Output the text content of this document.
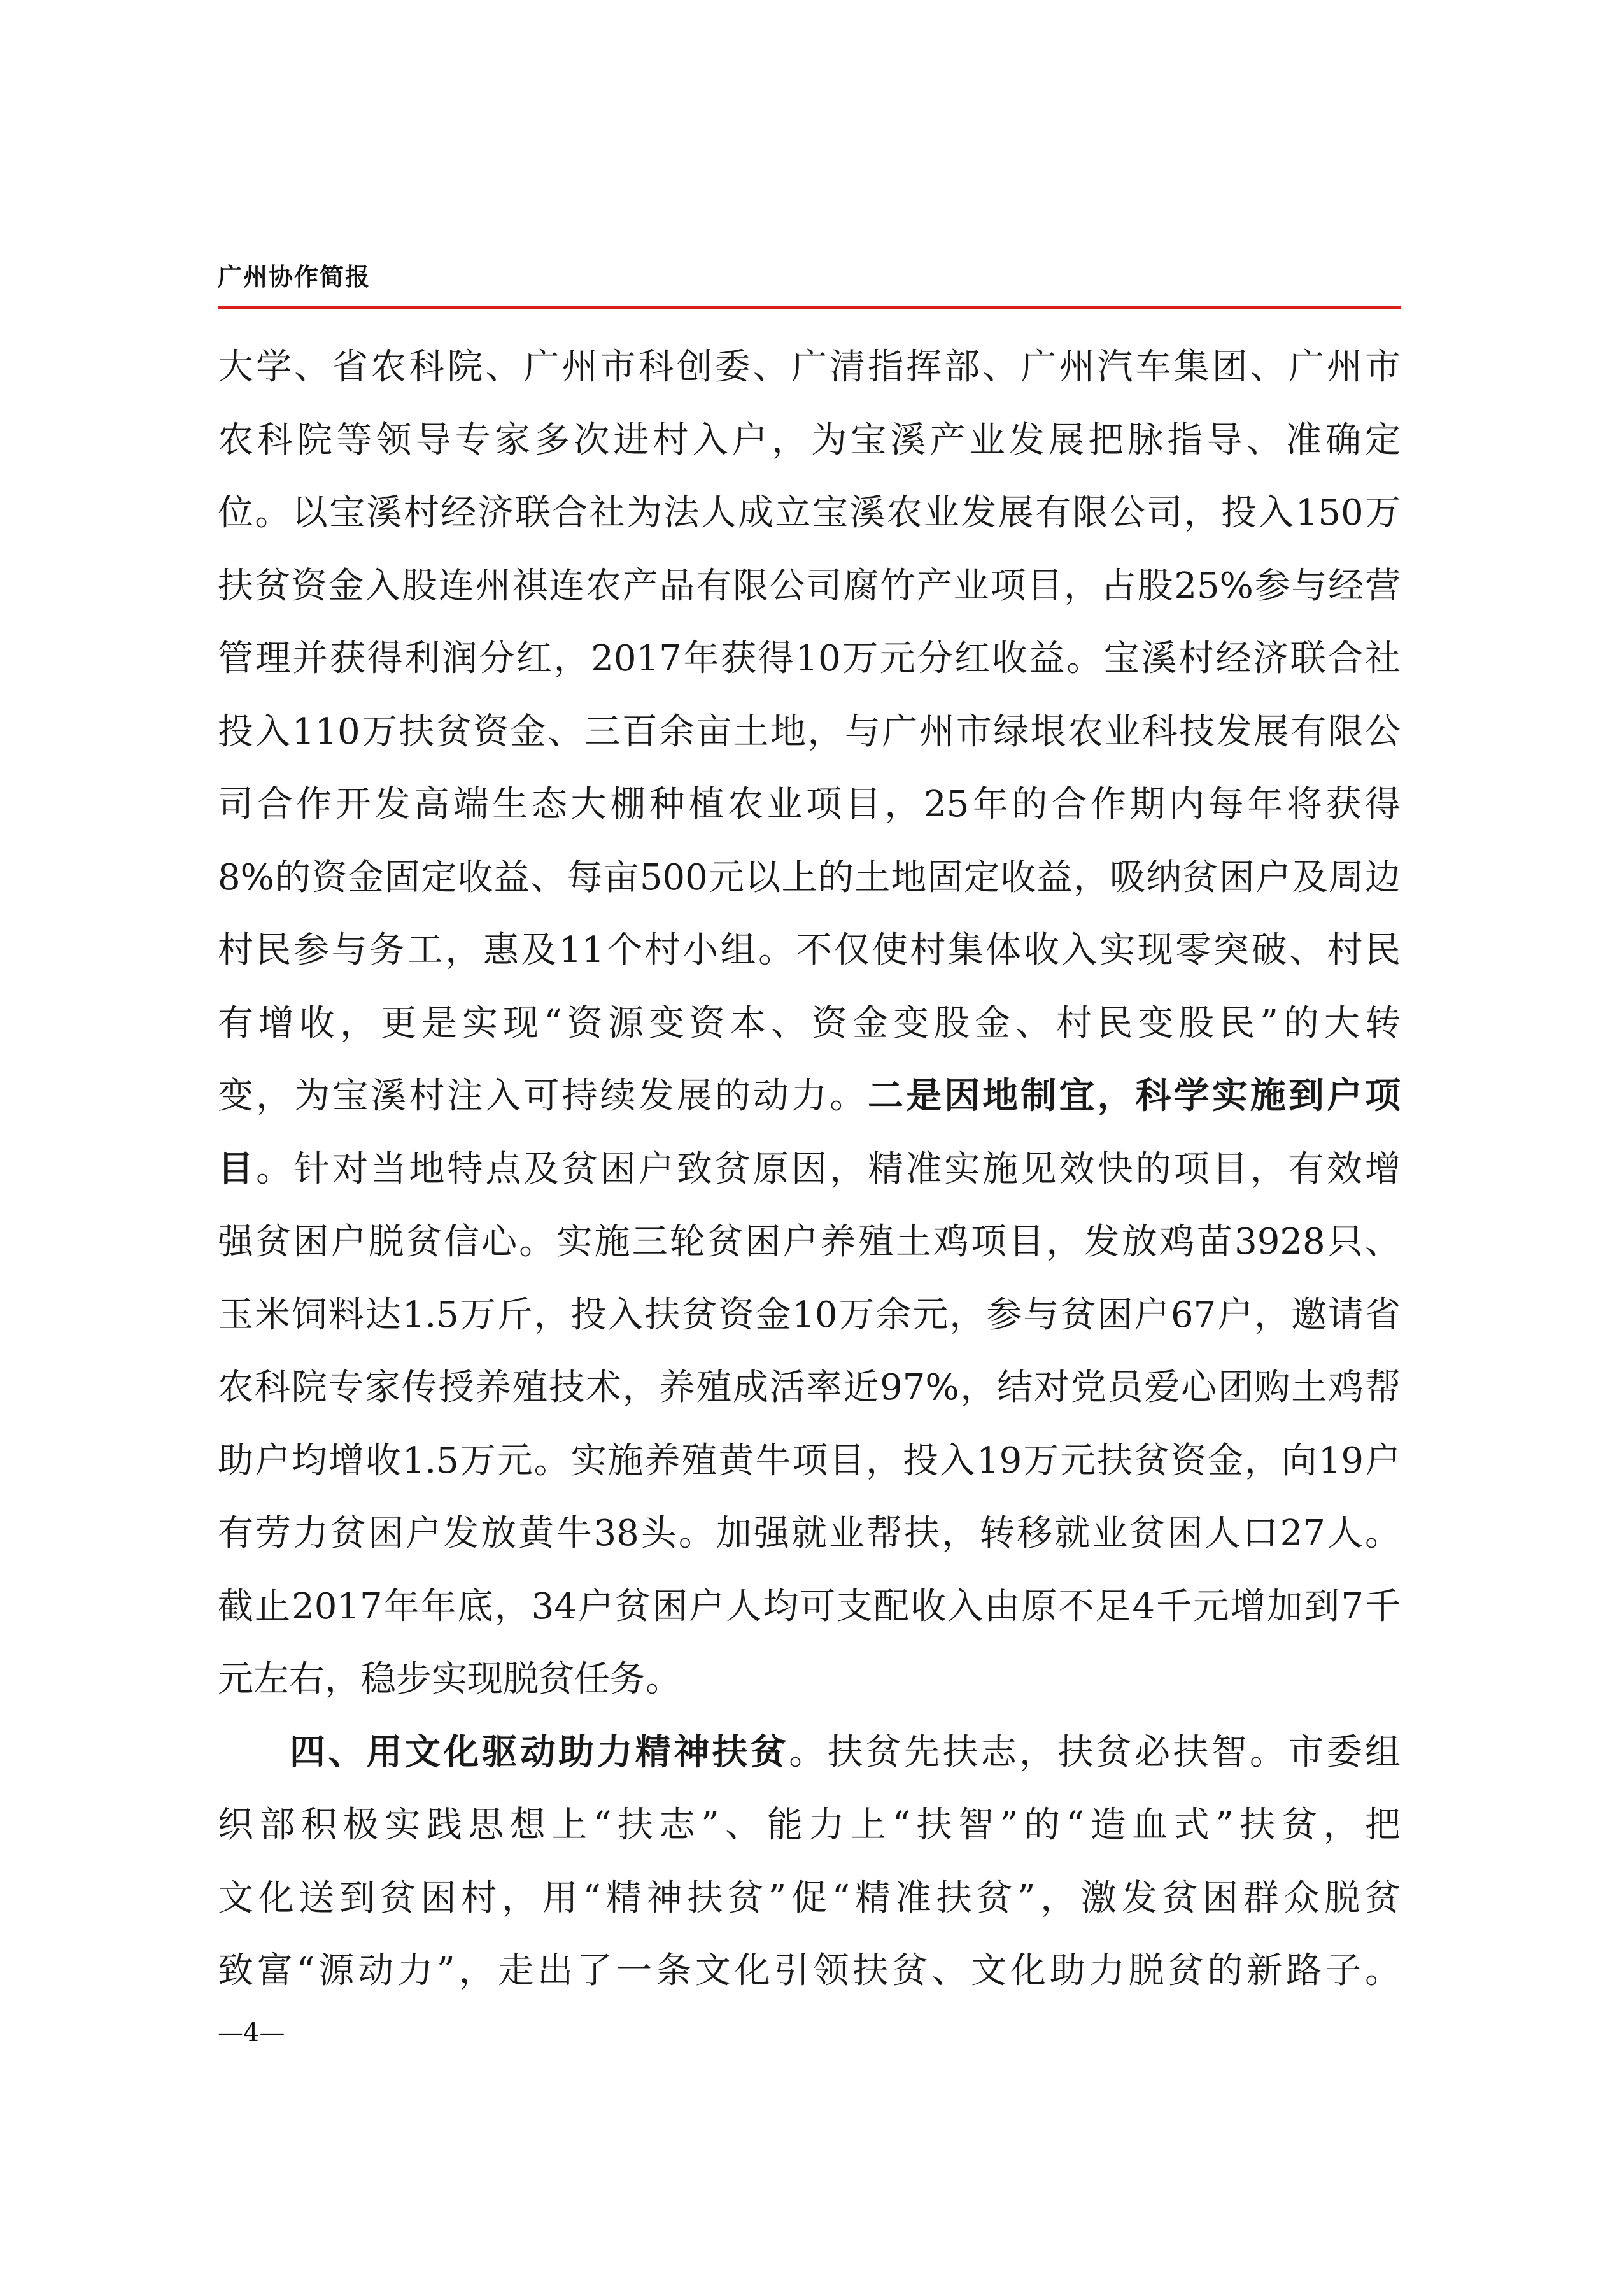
广州协作简报
大学、省农科院、广州市科创委、广清指挥部、广州汽车集团、广州市
农科院等领导专家多次进村入户，为宝溪产业发展把脉指导、准确定
位。以宝溪村经济联合社为法人成立宝溪农业发展有限公司，投入150万
扶贫资金入股连州祺连农产品有限公司腐竹产业项目，占股25%参与经营
管理并获得利润分红，2017年获得10万元分红收益。宝溪村经济联合社
投入110万扶贫资金、三百余亩土地，与广州市绿垠农业科技发展有限公
司合作开发高端生态大棚种植农业项目，25年的合作期内每年将获得
8%的资金固定收益、每亩500元以上的土地固定收益，吸纳贫困户及周边
村民参与务工，惠及11个村小组。不仅使村集体收入实现零突破、村民
有增收，更是实现“资源变资本、资金变股金、村民变股民”的大转
变，为宝溪村注入可持续发展的动力。二是因地制宜，科学实施到户项
目。针对当地特点及贫困户致贫原因，精准实施见效快的项目，有效增
强贫困户脱贫信心。实施三轮贫困户养殖土鸡项目，发放鸡苗3928只、
玉米饲料达1.5万斤，投入扶贫资金10万余元，参与贫困户67户，邀请省
农科院专家传授养殖技术，养殖成活率近97%，结对党员爱心团购土鸡帮
助户均增收1.5万元。实施养殖黄牛项目，投入19万元扶贫资金，向19户
有劳力贫困户发放黄牛38头。加强就业帮扶，转移就业贫困人口27人。
截止2017年年底，34户贫困户人均可支配收入由原不足4千元增加到7千
元左右，稳步实现脱贫任务。
四、用文化驱动助力精神扶贫。扶贫先扶志，扶贫必扶智。市委组
织部积极实践思想上“扶志”、能力上“扶智”的“造血式”扶贫，把
文化送到贫困村，用“精神扶贫”促“精准扶贫”，激发贫困群众脱贫
致富“源动力”，走出了一条文化引领扶贫、文化助力脱贫的新路子。
—4—
